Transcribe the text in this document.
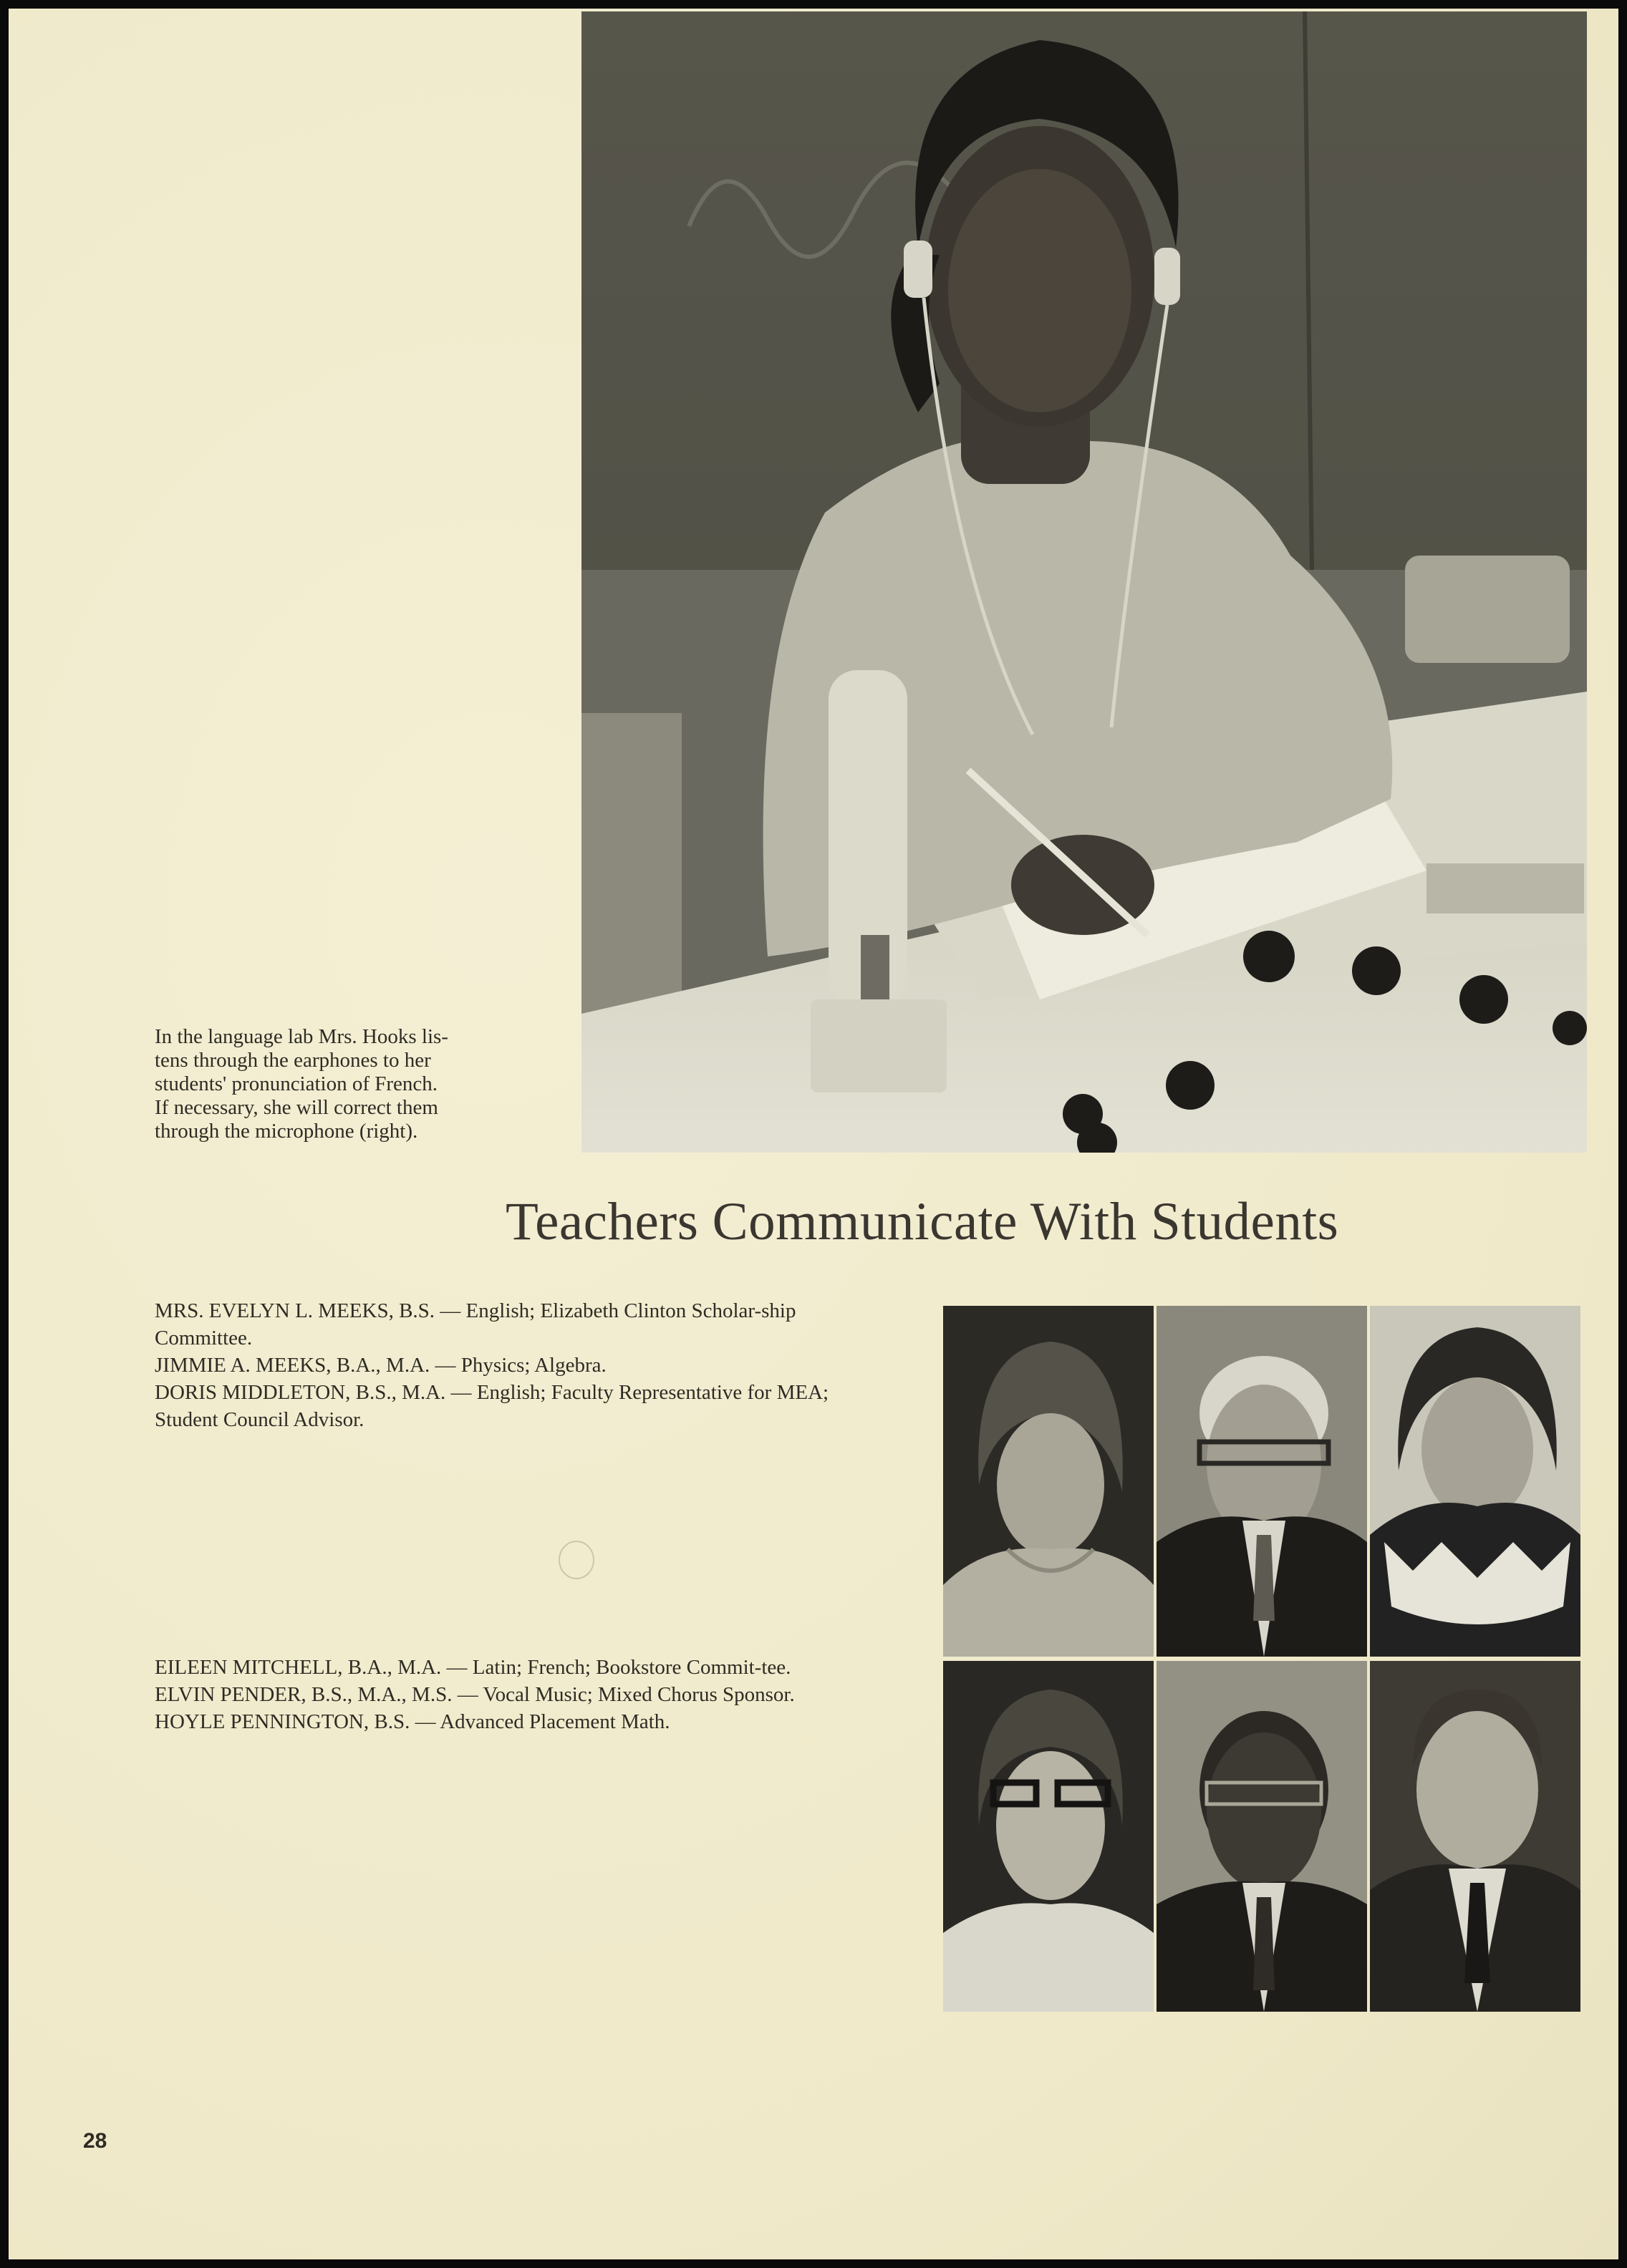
In the language lab Mrs. Hooks lis-
tens through the earphones to her
students' pronunciation of French.
If necessary, she will correct them
through the microphone (right).
Teachers Communicate With Students

MRS. EVELYN L. MEEKS, B.S. — English; Elizabeth Clinton Scholar-ship Committee.

JIMMIE A. MEEKS, B.A., M.A. — Physics; Algebra.

DORIS MIDDLETON, B.S., M.A. — English; Faculty Representative for MEA; Student Council Advisor.

EILEEN MITCHELL, B.A., M.A. — Latin; French; Bookstore Commit-tee.

ELVIN PENDER, B.S., M.A., M.S. — Vocal Music; Mixed Chorus Sponsor.

HOYLE PENNINGTON, B.S. — Advanced Placement Math.

28
